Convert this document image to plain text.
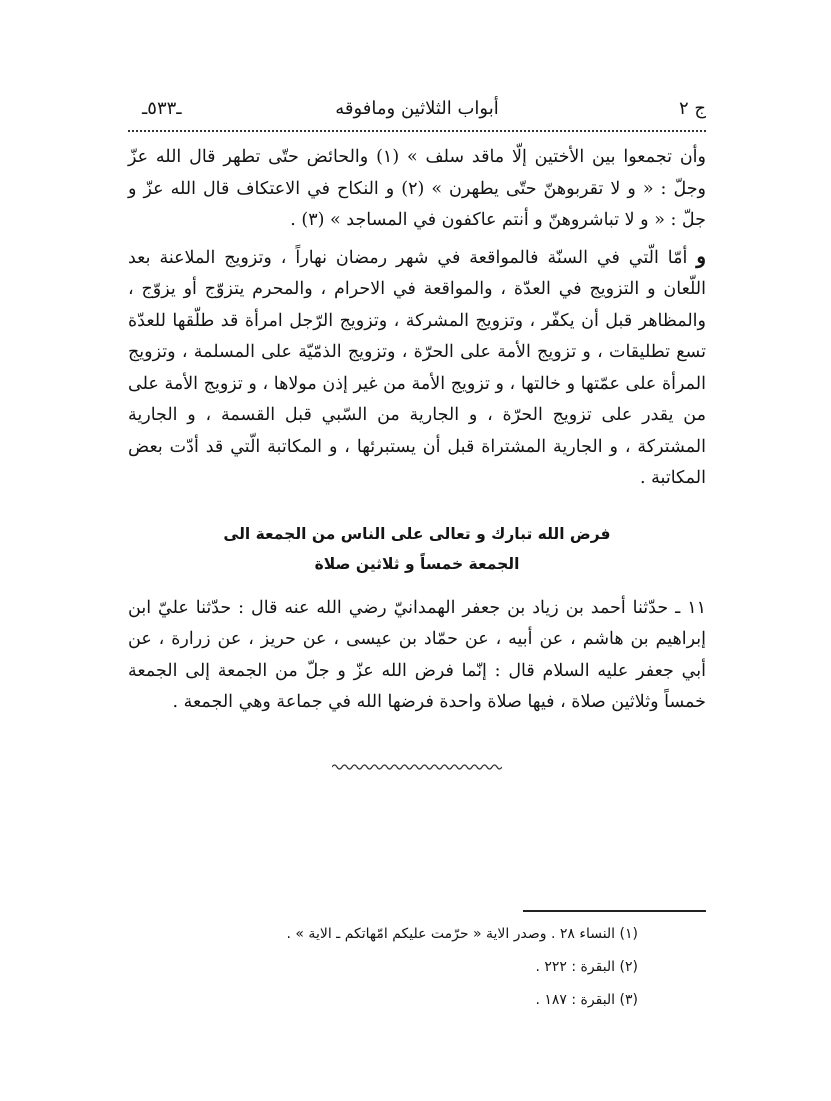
ج ٢
أبواب الثلاثين ومافوقه
ـ٥٣٣ـ

وأن تجمعوا بين الأختين إلّا ماقد سلف » (١) والحائض حتّى تطهر قال الله عزّ وجلّ : « و لا تقربوهنّ حتّى يطهرن » (٢) و النكاح في الاعتكاف قال الله عزّ و جلّ : « و لا تباشروهنّ و أنتم عاكفون في المساجد » (٣) .

و أمّا الّتي في السنّة فالمواقعة في شهر رمضان نهاراً ، وتزويج الملاعنة بعد اللّعان و التزويج في العدّة ، والمواقعة في الاحرام ، والمحرم يتزوّج أو يزوّج ، والمظاهر قبل أن يكفّر ، وتزويج المشركة ، وتزويج الرّجل امرأة قد طلّقها للعدّة تسع تطليقات ، و تزويج الأمة على الحرّة ، وتزويج الذمّيّة على المسلمة ، وتزويج المرأة على عمّتها و خالتها ، و تزويج الأمة من غير إذن مولاها ، و تزويج الأمة على من يقدر على تزويج الحرّة ، و الجارية من السّبي قبل القسمة ، و الجارية المشتركة ، و الجارية المشتراة قبل أن يستبرئها ، و المكاتبة الّتي قد أدّت بعض المكاتبة .

فرض الله تبارك و تعالى على الناس من الجمعة الى
الجمعة خمساً و ثلاثين صلاة

١١ ـ حدّثنا أحمد بن زياد بن جعفر الهمدانيّ رضي الله عنه قال : حدّثنا عليّ ابن إبراهيم بن هاشم ، عن أبيه ، عن حمّاد بن عيسى ، عن حريز ، عن زرارة ، عن أبي جعفر عليه السلام قال : إنّما فرض الله عزّ و جلّ من الجمعة إلى الجمعة خمساً وثلاثين صلاة ، فيها صلاة واحدة فرضها الله في جماعة وهي الجمعة .

(١) النساء ٢٨ . وصدر الاية « حرّمت عليكم امّهاتكم ـ الاية » .
(٢) البقرة : ٢٢٢ .
(٣) البقرة : ١٨٧ .
